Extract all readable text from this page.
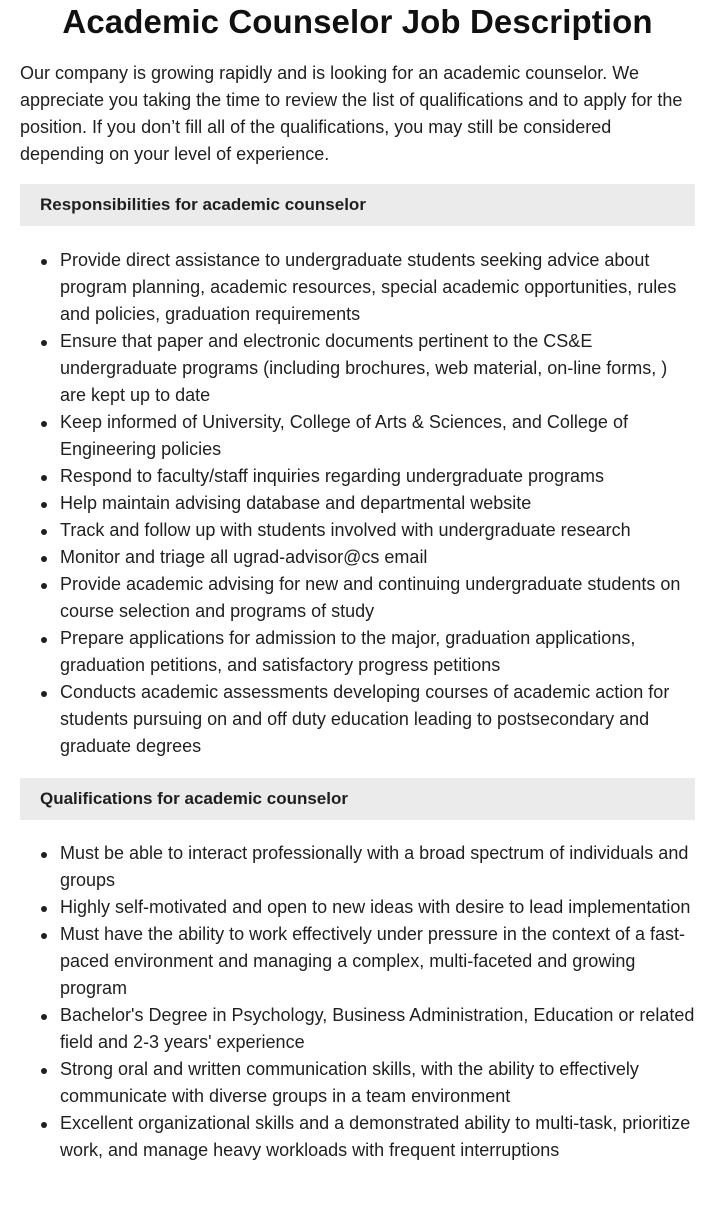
Academic Counselor Job Description

Our company is growing rapidly and is looking for an academic counselor. We appreciate you taking the time to review the list of qualifications and to apply for the position. If you don’t fill all of the qualifications, you may still be considered depending on your level of experience.

Responsibilities for academic counselor
Provide direct assistance to undergraduate students seeking advice about program planning, academic resources, special academic opportunities, rules and policies, graduation requirements
Ensure that paper and electronic documents pertinent to the CS&E undergraduate programs (including brochures, web material, on-line forms, ) are kept up to date
Keep informed of University, College of Arts & Sciences, and College of Engineering policies
Respond to faculty/staff inquiries regarding undergraduate programs
Help maintain advising database and departmental website
Track and follow up with students involved with undergraduate research
Monitor and triage all ugrad-advisor@cs email
Provide academic advising for new and continuing undergraduate students on course selection and programs of study
Prepare applications for admission to the major, graduation applications, graduation petitions, and satisfactory progress petitions
Conducts academic assessments developing courses of academic action for students pursuing on and off duty education leading to postsecondary and graduate degrees
Qualifications for academic counselor
Must be able to interact professionally with a broad spectrum of individuals and groups
Highly self-motivated and open to new ideas with desire to lead implementation
Must have the ability to work effectively under pressure in the context of a fast-paced environment and managing a complex, multi-faceted and growing program
Bachelor's Degree in Psychology, Business Administration, Education or related field and 2-3 years' experience
Strong oral and written communication skills, with the ability to effectively communicate with diverse groups in a team environment
Excellent organizational skills and a demonstrated ability to multi-task, prioritize work, and manage heavy workloads with frequent interruptions
